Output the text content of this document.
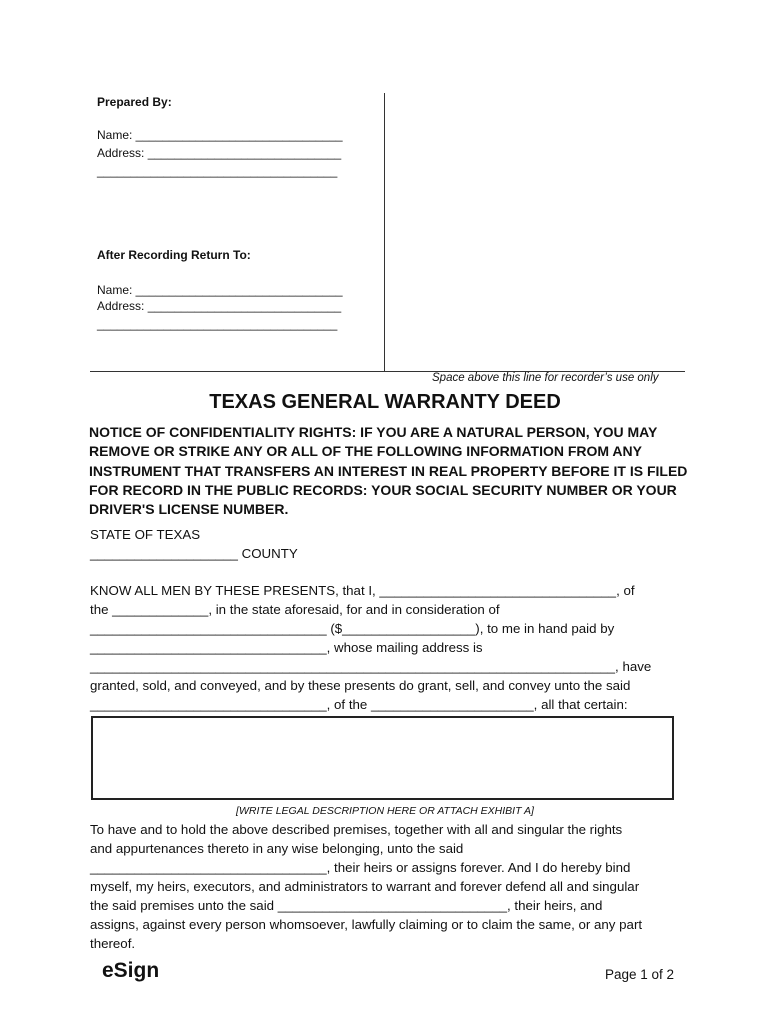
Prepared By:
Name: _______________________________
Address: _____________________________
____________________________________
After Recording Return To:
Name: _______________________________
Address: _____________________________
____________________________________
Space above this line for recorder’s use only
TEXAS GENERAL WARRANTY DEED
NOTICE OF CONFIDENTIALITY RIGHTS: IF YOU ARE A NATURAL PERSON, YOU MAY REMOVE OR STRIKE ANY OR ALL OF THE FOLLOWING INFORMATION FROM ANY INSTRUMENT THAT TRANSFERS AN INTEREST IN REAL PROPERTY BEFORE IT IS FILED FOR RECORD IN THE PUBLIC RECORDS: YOUR SOCIAL SECURITY NUMBER OR YOUR DRIVER'S LICENSE NUMBER.
STATE OF TEXAS
____________________ COUNTY
KNOW ALL MEN BY THESE PRESENTS, that I, ________________________________, of
the _____________, in the state aforesaid, for and in consideration of
________________________________ ($__________________), to me in hand paid by
________________________________, whose mailing address is
_______________________________________________________________________, have
granted, sold, and conveyed, and by these presents do grant, sell, and convey unto the said
________________________________, of the ______________________, all that certain:
[WRITE LEGAL DESCRIPTION HERE OR ATTACH EXHIBIT A]
To have and to hold the above described premises, together with all and singular the rights
and appurtenances thereto in any wise belonging, unto the said
________________________________, their heirs or assigns forever. And I do hereby bind
myself, my heirs, executors, and administrators to warrant and forever defend all and singular
the said premises unto the said _______________________________, their heirs, and
assigns, against every person whomsoever, lawfully claiming or to claim the same, or any part
thereof.
eSign	Page 1 of 2
